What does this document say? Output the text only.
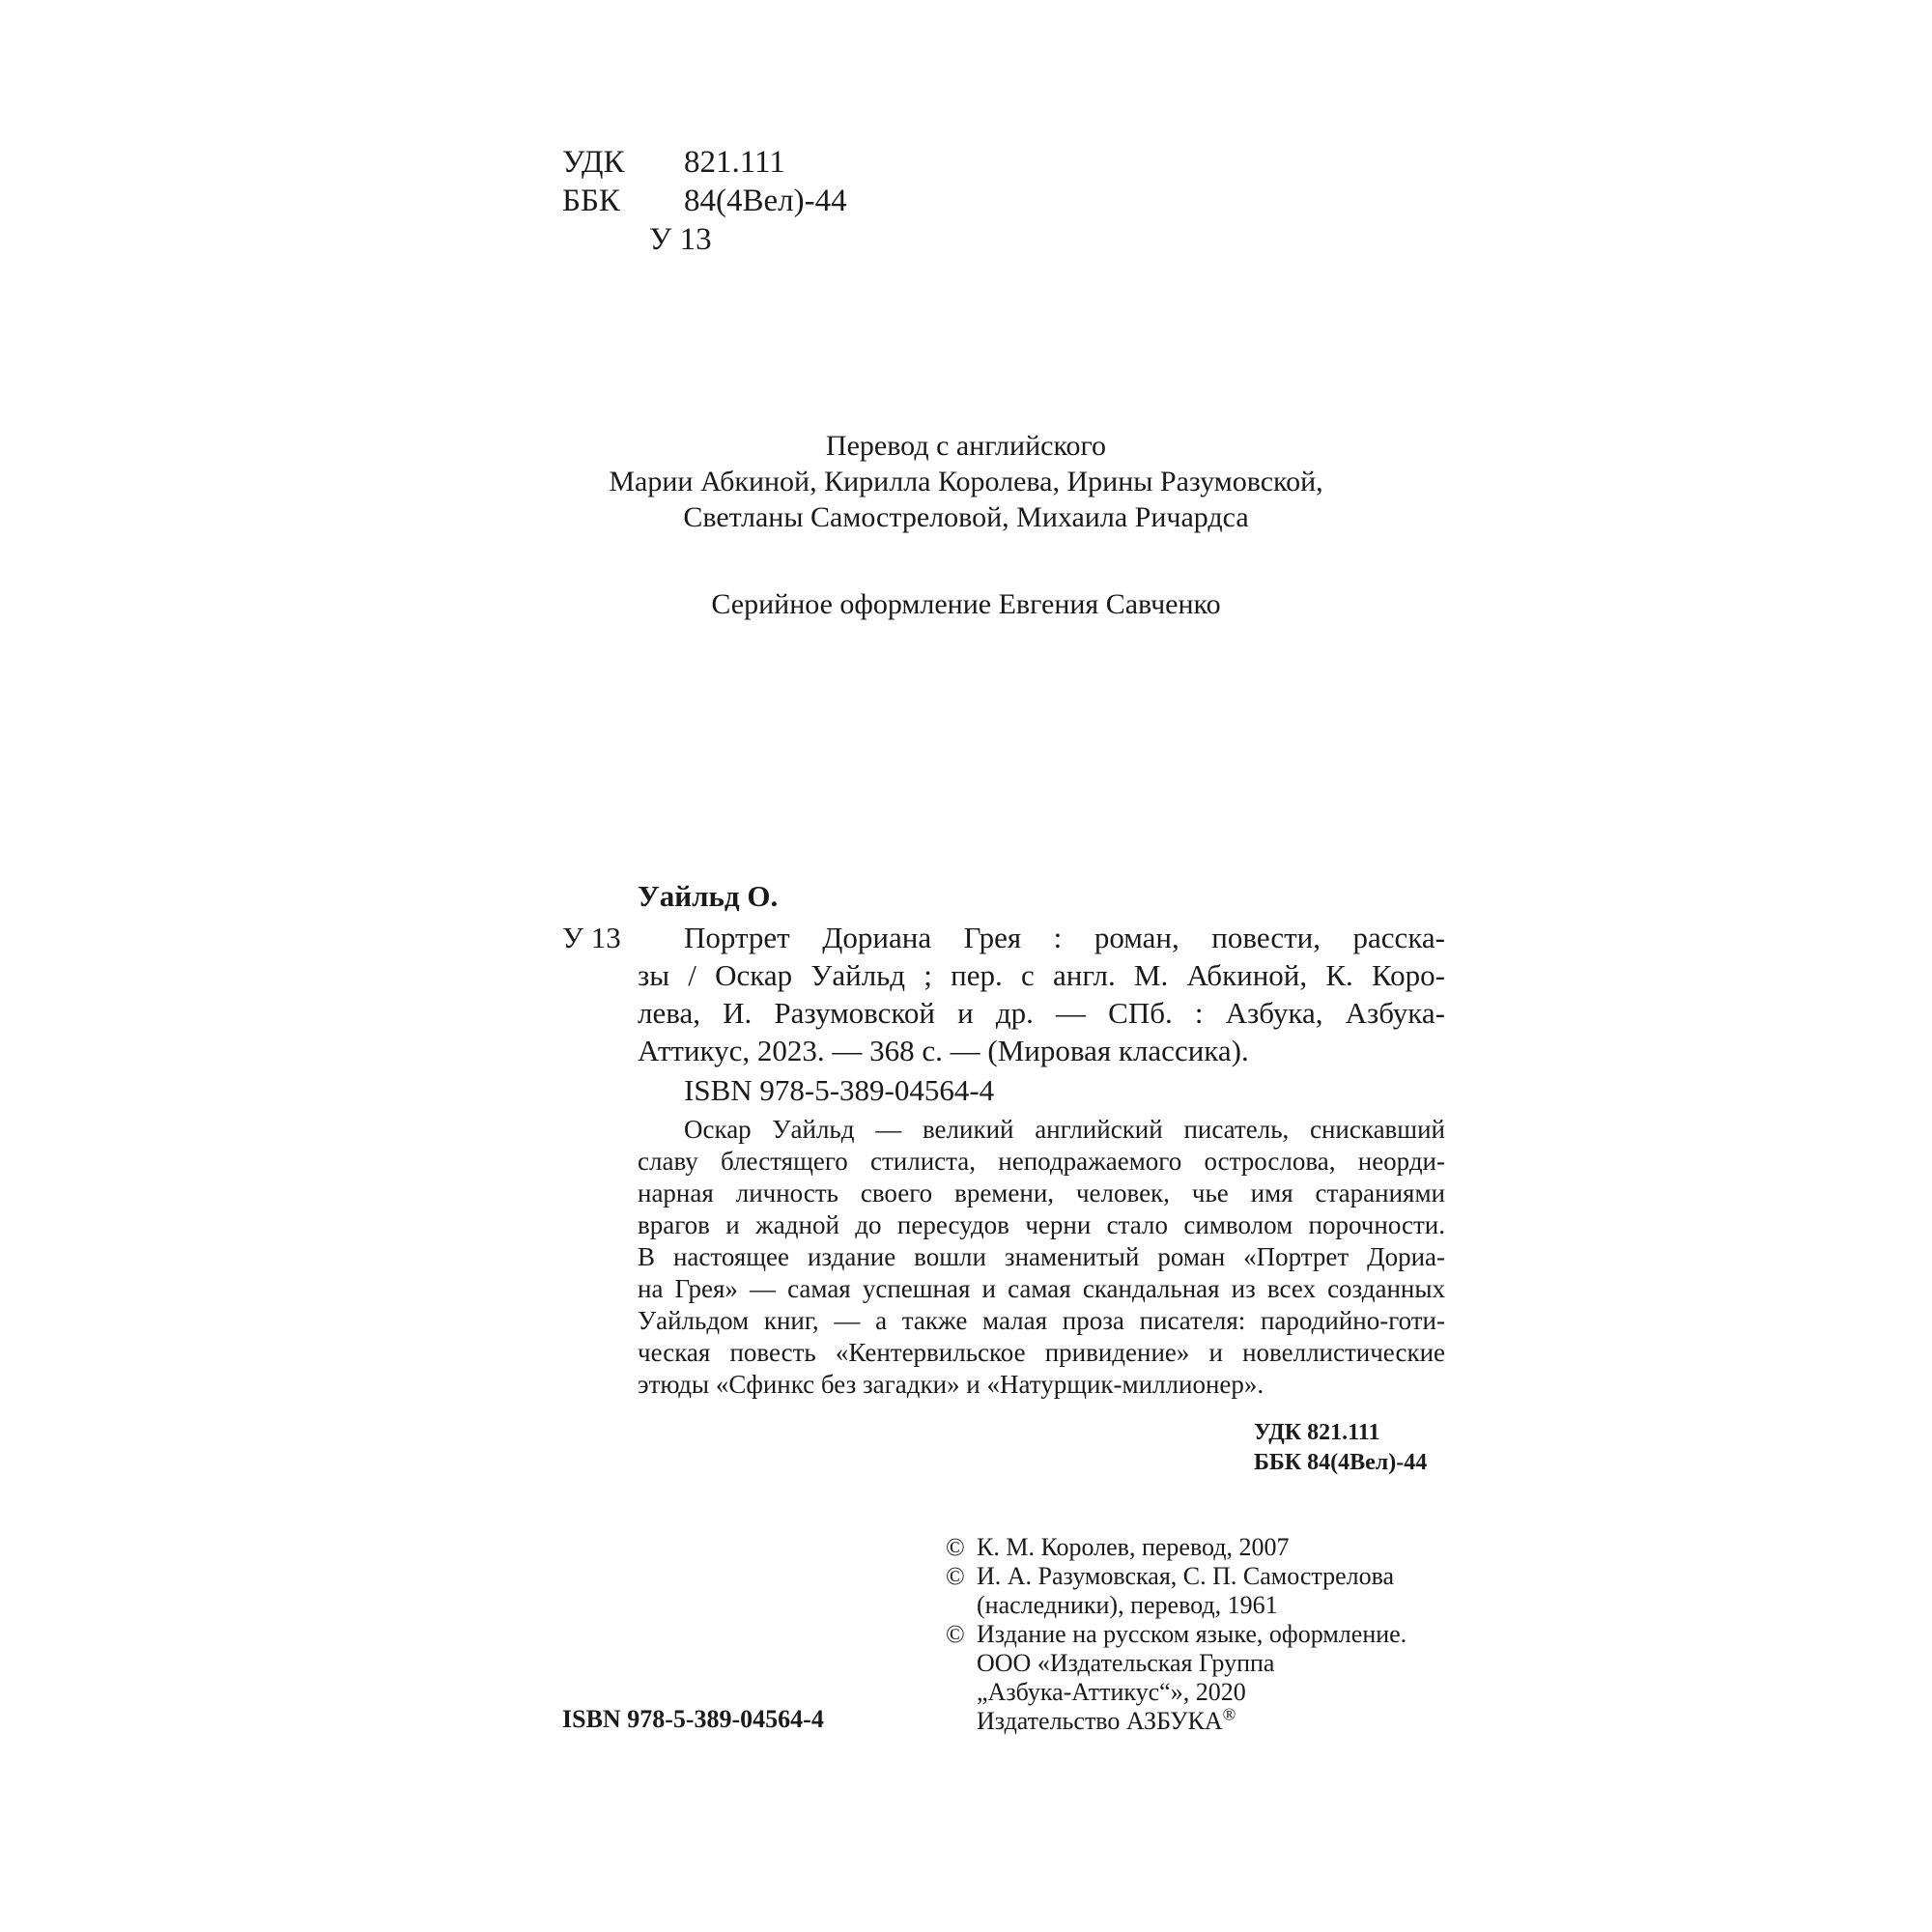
УДК 821.111
ББК 84(4Вел)-44
У 13
Перевод с английского
Марии Абкиной, Кирилла Королева, Ирины Разумовской,
Светланы Самостреловой, Михаила Ричардса
Серийное оформление Евгения Савченко
Уайльд О.
У 13 Портрет Дориана Грея : роман, повести, расска-
зы / Оскар Уайльд ; пер. с англ. М. Абкиной, К. Коро-
лева, И. Разумовской и др. — СПб. : Азбука, Азбука-
Аттикус, 2023. — 368 с. — (Мировая классика).
ISBN 978-5-389-04564-4
Оскар Уайльд — великий английский писатель, снискавший
славу блестящего стилиста, неподражаемого острослова, неорди-
нарная личность своего времени, человек, чье имя стараниями
врагов и жадной до пересудов черни стало символом порочности.
В настоящее издание вошли знаменитый роман «Портрет Дориа-
на Грея» — самая успешная и самая скандальная из всех созданных
Уайльдом книг, — а также малая проза писателя: пародийно-готи-
ческая повесть «Кентервильское привидение» и новеллистические
этюды «Сфинкс без загадки» и «Натурщик-миллионер».
УДК 821.111
ББК 84(4Вел)-44
© К. М. Королев, перевод, 2007
© И. А. Разумовская, С. П. Самострелова
(наследники), перевод, 1961
© Издание на русском языке, оформление.
ООО «Издательская Группа
„Азбука-Аттикус“», 2020
Издательство АЗБУКА®
ISBN 978-5-389-04564-4
